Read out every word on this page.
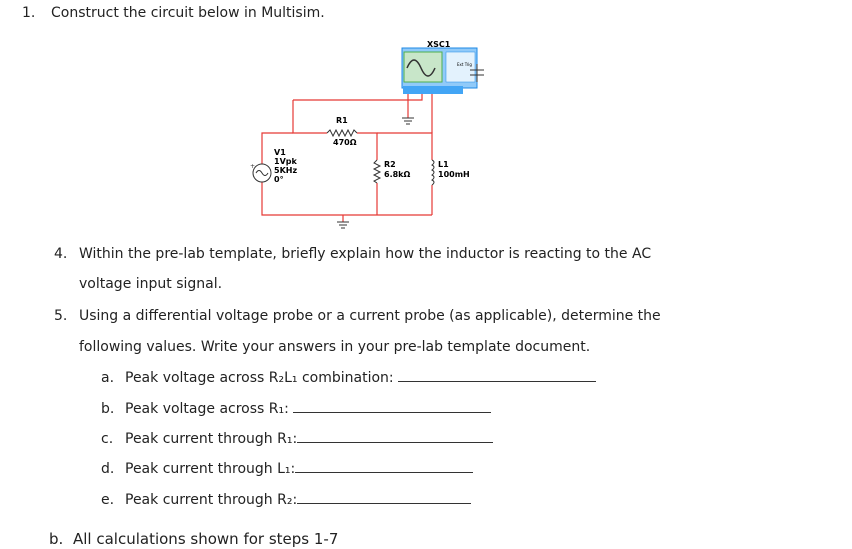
1. Construct the circuit below in Multisim.
+
XSC1
Ext Trig
R1
470Ω
V1
1Vpk
5KHz
0°
R2
6.8kΩ
L1
100mH
4. Within the pre-lab template, briefly explain how the inductor is reacting to the AC
voltage input signal.
5. Using a differential voltage probe or a current probe (as applicable), determine the
following values. Write your answers in your pre-lab template document.
a. Peak voltage across R₂L₁ combination:
b. Peak voltage across R₁:
c. Peak current through R₁:
d. Peak current through L₁:
e. Peak current through R₂:
b. All calculations shown for steps 1-7
